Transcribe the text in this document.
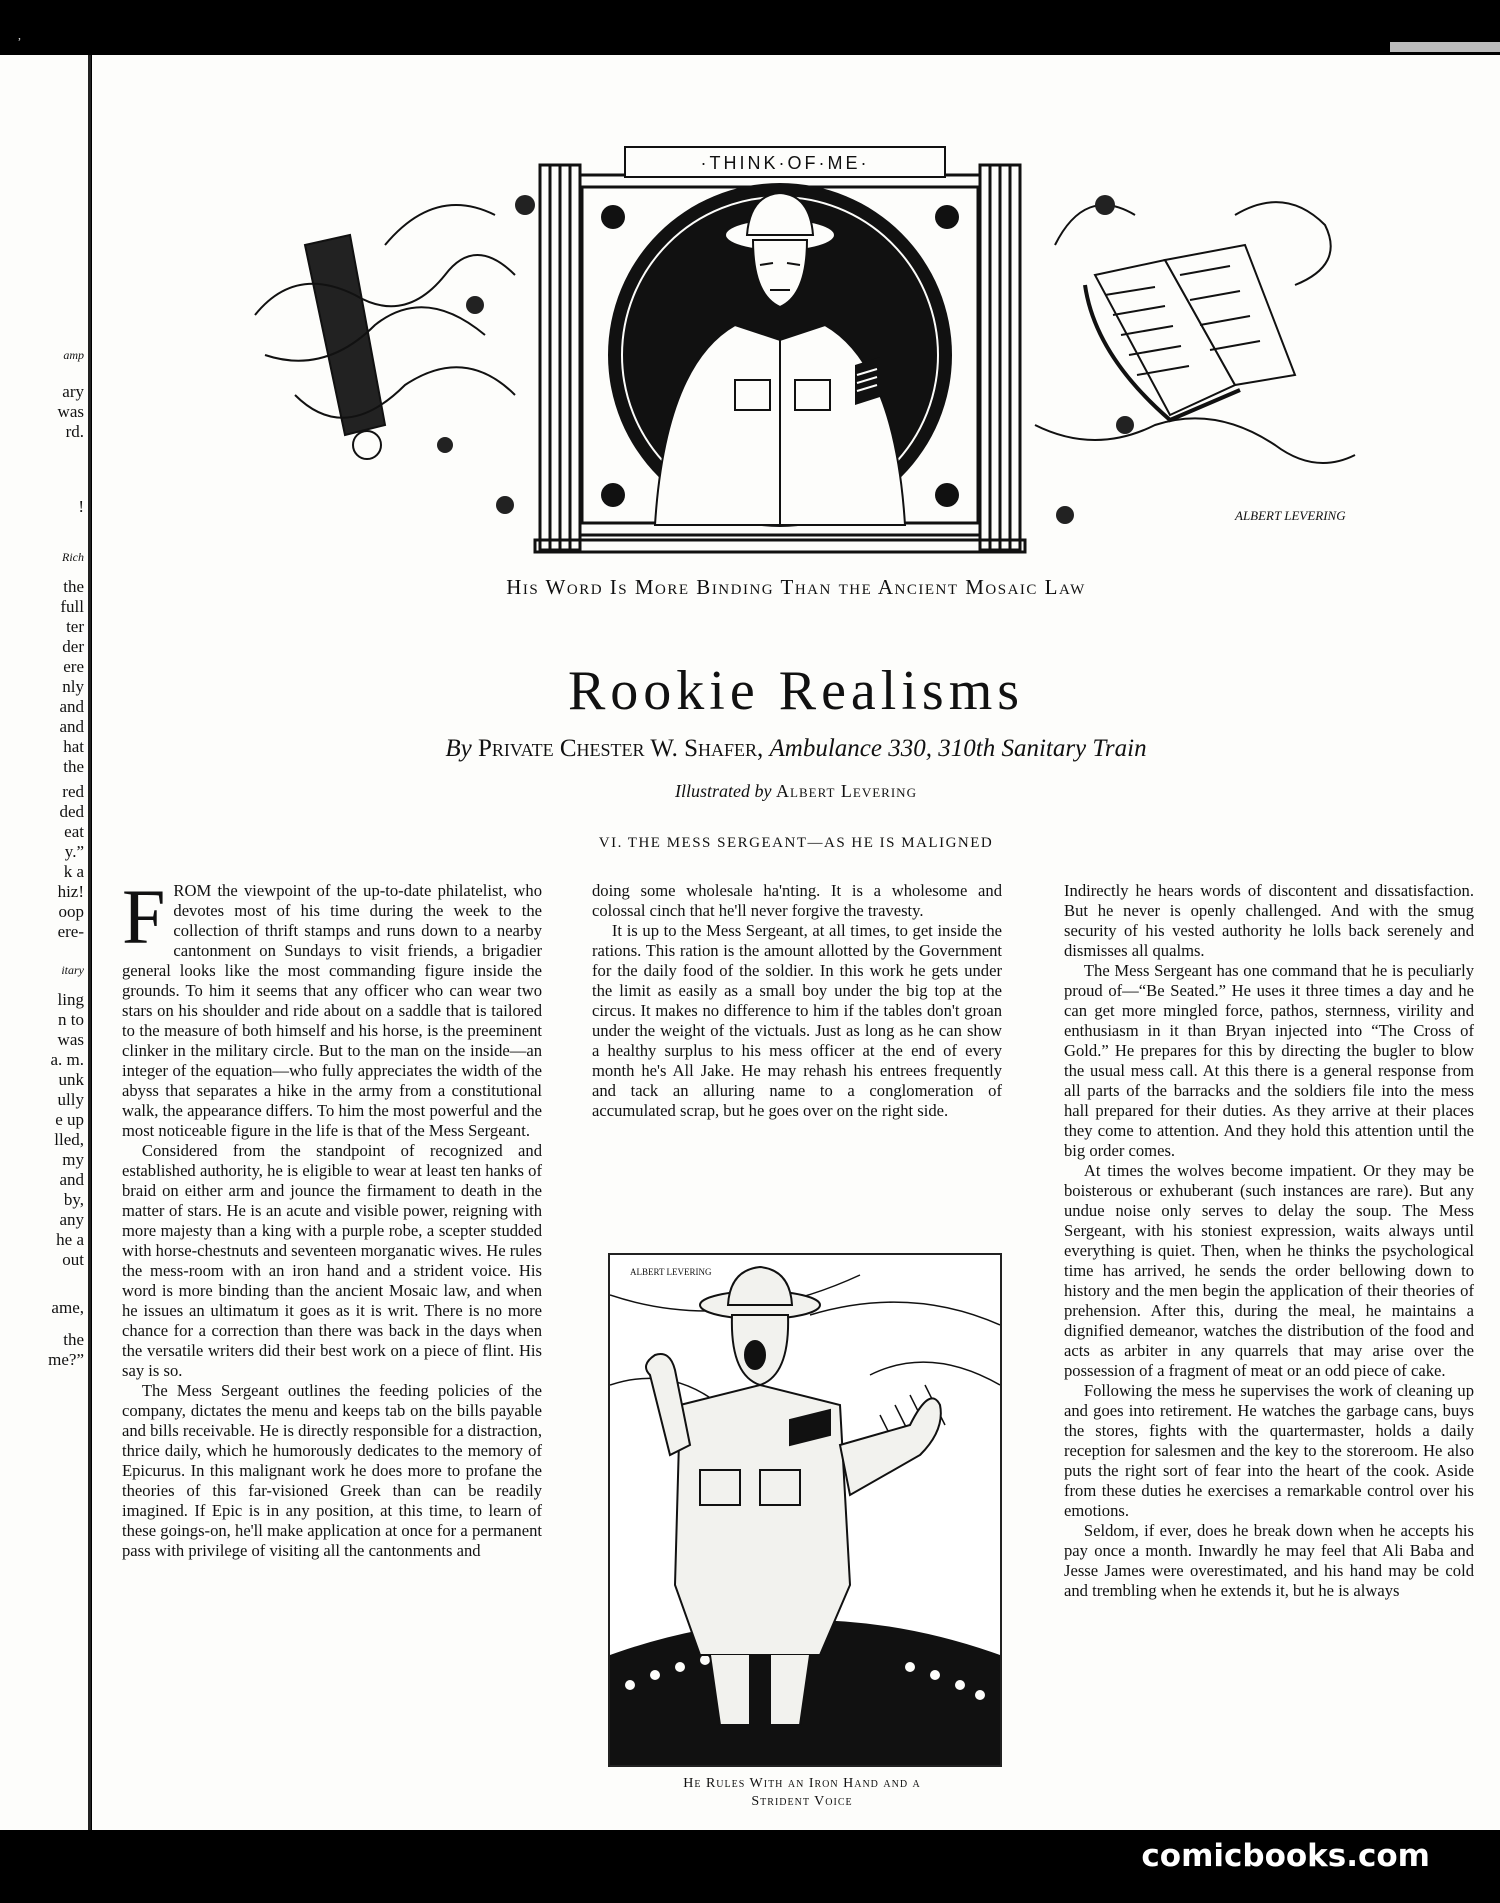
,
amp
ary
was
rd.
!
Rich
the
full
ter
der
ere
nly
and
and
hat
the
red
ded
eat
y.”
k a
hiz!
oop
ere-
itary
ling
n to
was
a. m.
unk
ully
e up
lled,
my
and
by,
any
he a
out
ame,
the
me?”
·THINK·OF·ME·
ALBERT LEVERING
His Word Is More Binding Than the Ancient Mosaic Law
Rookie Realisms
By Private Chester W. Shafer, Ambulance 330, 310th Sanitary Train
Illustrated by Albert Levering
VI. THE MESS SERGEANT—AS HE IS MALIGNED

FROM the viewpoint of the up-to-date philatelist, who devotes most of his time during the week to the collection of thrift stamps and runs down to a nearby cantonment on Sundays to visit friends, a brigadier general looks like the most commanding figure inside the grounds. To him it seems that any officer who can wear two stars on his shoulder and ride about on a saddle that is tailored to the measure of both himself and his horse, is the preeminent clinker in the military circle. But to the man on the inside—an integer of the equation—who fully appreciates the width of the abyss that separates a hike in the army from a constitutional walk, the appearance differs. To him the most powerful and the most noticeable figure in the life is that of the Mess Sergeant.

Considered from the standpoint of recognized and established authority, he is eligible to wear at least ten hanks of braid on either arm and jounce the firmament to death in the matter of stars. He is an acute and visible power, reigning with more majesty than a king with a purple robe, a scepter studded with horse-chestnuts and seventeen morganatic wives. He rules the mess-room with an iron hand and a strident voice. His word is more binding than the ancient Mosaic law, and when he issues an ultimatum it goes as it is writ. There is no more chance for a correction than there was back in the days when the versatile writers did their best work on a piece of flint. His say is so.

The Mess Sergeant outlines the feeding policies of the company, dictates the menu and keeps tab on the bills payable and bills receivable. He is directly responsible for a distraction, thrice daily, which he humorously dedicates to the memory of Epicurus. In this malignant work he does more to profane the theories of this far-visioned Greek than can be readily imagined. If Epic is in any position, at this time, to learn of these goings-on, he'll make application at once for a permanent pass with privilege of visiting all the cantonments and

doing some wholesale ha'nting. It is a wholesome and colossal cinch that he'll never forgive the travesty.

It is up to the Mess Sergeant, at all times, to get inside the rations. This ration is the amount allotted by the Government for the daily food of the soldier. In this work he gets under the limit as easily as a small boy under the big top at the circus. It makes no difference to him if the tables don't groan under the weight of the victuals. Just as long as he can show a healthy surplus to his mess officer at the end of every month he's All Jake. He may rehash his entrees frequently and tack an alluring name to a conglomeration of accumulated scrap, but he goes over on the right side.

ALBERT LEVERING
He Rules With an Iron Hand and a
Strident Voice

Indirectly he hears words of discontent and dissatisfaction. But he never is openly challenged. And with the smug security of his vested authority he lolls back serenely and dismisses all qualms.

The Mess Sergeant has one command that he is peculiarly proud of—“Be Seated.” He uses it three times a day and he can get more mingled force, pathos, sternness, virility and enthusiasm in it than Bryan injected into “The Cross of Gold.” He prepares for this by directing the bugler to blow the usual mess call. At this there is a general response from all parts of the barracks and the soldiers file into the mess hall prepared for their duties. As they arrive at their places they come to attention. And they hold this attention until the big order comes.

At times the wolves become impatient. Or they may be boisterous or exhuberant (such instances are rare). But any undue noise only serves to delay the soup. The Mess Sergeant, with his stoniest expression, waits always until everything is quiet. Then, when he thinks the psychological time has arrived, he sends the order bellowing down to history and the men begin the application of their theories of prehension. After this, during the meal, he maintains a dignified demeanor, watches the distribution of the food and acts as arbiter in any quarrels that may arise over the possession of a fragment of meat or an odd piece of cake.

Following the mess he supervises the work of cleaning up and goes into retirement. He watches the garbage cans, buys the stores, fights with the quartermaster, holds a daily reception for salesmen and the key to the storeroom. He also puts the right sort of fear into the heart of the cook. Aside from these duties he exercises a remarkable control over his emotions.

Seldom, if ever, does he break down when he accepts his pay once a month. Inwardly he may feel that Ali Baba and Jesse James were overestimated, and his hand may be cold and trembling when he extends it, but he is always

comicbooks.com
